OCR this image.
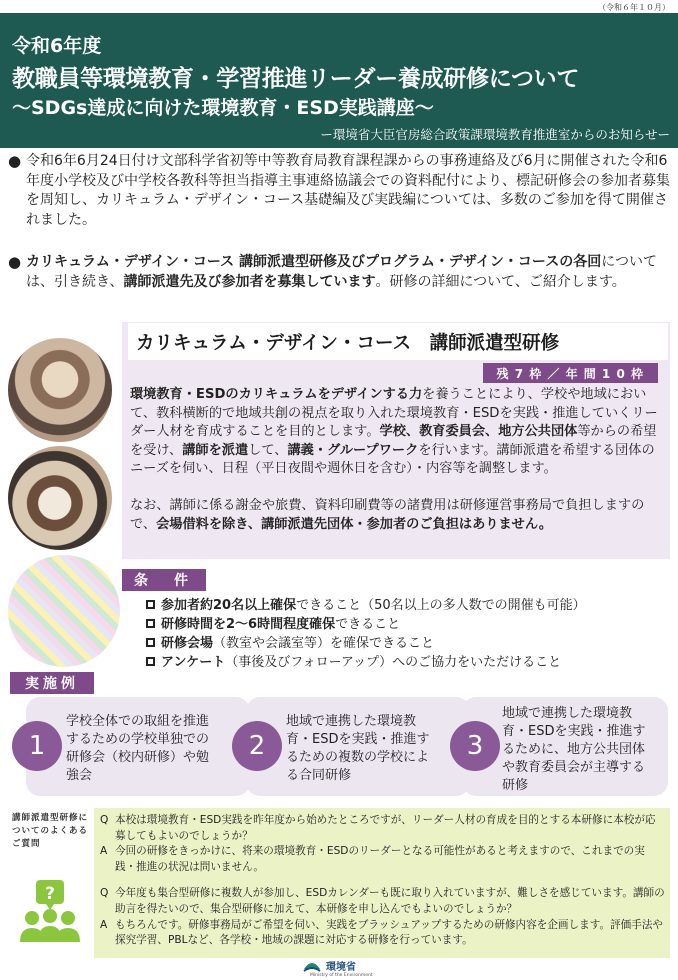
（令和６年１０月）
令和6年度
教職員等環境教育・学習推進リーダー養成研修について
～SDGs達成に向けた環境教育・ESD実践講座～
ー環境省大臣官房総合政策課環境教育推進室からのお知らせー
● 令和6年6月24日付け文部科学省初等中等教育局教育課程課からの事務連絡及び6月に開催された令和6年度小学校及び中学校各教科等担当指導主事連絡協議会での資料配付により、標記研修会の参加者募集を周知し、カリキュラム・デザイン・コース基礎編及び実践編については、多数のご参加を得て開催されました。
● カリキュラム・デザイン・コース 講師派遣型研修及びプログラム・デザイン・コースの各回については、引き続き、講師派遣先及び参加者を募集しています。研修の詳細について、ご紹介します。
カリキュラム・デザイン・コース　講師派遣型研修
残 7 枠 ／ 年 間 1 0 枠

環境教育・ESDのカリキュラムをデザインする力を養うことにより、学校や地域において、教科横断的で地域共創の視点を取り入れた環境教育・ESDを実践・推進していくリーダー人材を育成することを目的とします。学校、教育委員会、地方公共団体等からの希望を受け、講師を派遣して、講義・グループワークを行います。講師派遣を希望する団体のニーズを伺い、日程（平日夜間や週休日を含む）・内容等を調整します。

なお、講師に係る謝金や旅費、資料印刷費等の諸費用は研修運営事務局で負担しますので、会場借料を除き、講師派遣先団体・参加者のご負担はありません。

条　件
参加者約20名以上確保できること（50名以上の多人数での開催も可能）
研修時間を2～6時間程度確保できること
研修会場（教室や会議室等）を確保できること
アンケート（事後及びフォローアップ）へのご協力をいただけること
実施例
1	2	3
学校全体での取組を推進するための学校単独での研修会（校内研修）や勉強会
地域で連携した環境教育・ESDを実践・推進するための複数の学校による合同研修
地域で連携した環境教育・ESDを実践・推進するために、地方公共団体や教育委員会が主導する研修
講師派遣型研修についてのよくあるご質問
?
Q 本校は環境教育・ESD実践を昨年度から始めたところですが、リーダー人材の育成を目的とする本研修に本校が応募してもよいのでしょうか？
A 今回の研修をきっかけに、将来の環境教育・ESDのリーダーとなる可能性があると考えますので、これまでの実践・推進の状況は問いません。
Q 今年度も集合型研修に複数人が参加し、ESDカレンダーも既に取り入れていますが、難しさを感じています。講師の助言を得たいので、集合型研修に加えて、本研修を申し込んでもよいのでしょうか？
A もちろんです。研修事務局がご希望を伺い、実践をブラッシュアップするための研修内容を企画します。評価手法や探究学習、PBLなど、各学校・地域の課題に対応する研修を行っています。
環境省
Ministry of the Environment
